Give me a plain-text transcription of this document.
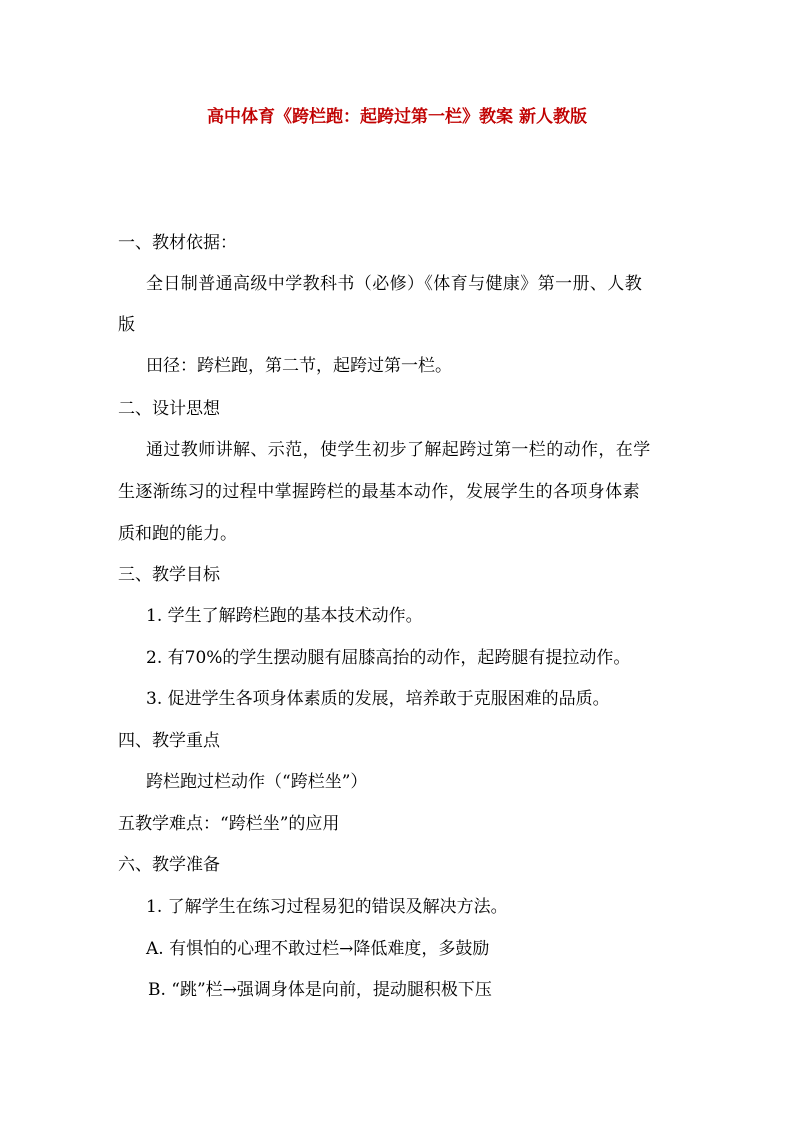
高中体育《跨栏跑：起跨过第一栏》教案 新人教版
一、教材依据：
全日制普通高级中学教科书（必修）《体育与健康》第一册、人教
版
田径：跨栏跑，第二节，起跨过第一栏。
二、设计思想
通过教师讲解、示范，使学生初步了解起跨过第一栏的动作，在学
生逐渐练习的过程中掌握跨栏的最基本动作，发展学生的各项身体素
质和跑的能力。
三、教学目标
1. 学生了解跨栏跑的基本技术动作。
2. 有70%的学生摆动腿有屈膝高抬的动作，起跨腿有提拉动作。
3. 促进学生各项身体素质的发展，培养敢于克服困难的品质。
四、教学重点
跨栏跑过栏动作（“跨栏坐”）
五教学难点：“跨栏坐”的应用
六、教学准备
1. 了解学生在练习过程易犯的错误及解决方法。
A. 有惧怕的心理不敢过栏→降低难度，多鼓励
B. “跳”栏→强调身体是向前，提动腿积极下压
